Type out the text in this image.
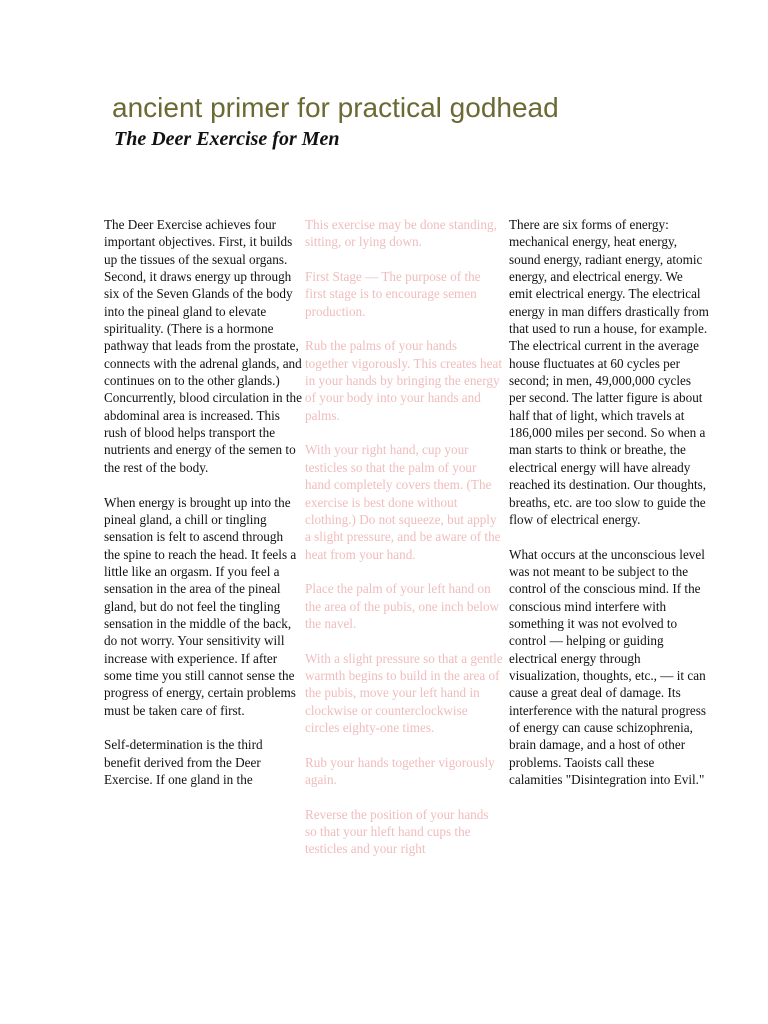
ancient primer for practical godhead
The Deer Exercise for Men

The Deer Exercise achieves four important objectives. First, it builds up the tissues of the sexual organs. Second, it draws energy up through six of the Seven Glands of the body into the pineal gland to elevate spirituality. (There is a hormone pathway that leads from the prostate, connects with the adrenal glands, and continues on to the other glands.) Concurrently, blood circulation in the abdominal area is increased. This rush of blood helps transport the nutrients and energy of the semen to the rest of the body.

When energy is brought up into the pineal gland, a chill or tingling sensation is felt to ascend through the spine to reach the head. It feels a little like an orgasm. If you feel a sensation in the area of the pineal gland, but do not feel the tingling sensation in the middle of the back, do not worry. Your sensitivity will increase with experience. If after some time you still cannot sense the progress of energy, certain problems must be taken care of first.

Self-determination is the third benefit derived from the Deer Exercise. If one gland in the

This exercise may be done standing, sitting, or lying down.

First Stage — The purpose of the first stage is to encourage semen production.

Rub the palms of your hands together vigorously. This creates heat in your hands by bringing the energy of your body into your hands and palms.

With your right hand, cup your testicles so that the palm of your hand completely covers them. (The exercise is best done without clothing.) Do not squeeze, but apply a slight pressure, and be aware of the heat from your hand.

Place the palm of your left hand on the area of the pubis, one inch below the navel.

With a slight pressure so that a gentle warmth begins to build in the area of the pubis, move your left hand in clockwise or counterclockwise circles eighty-one times.

Rub your hands together vigorously again.

Reverse the position of your hands so that your hleft hand cups the testicles and your right

There are six forms of energy: mechanical energy, heat energy, sound energy, radiant energy, atomic energy, and electrical energy. We emit electrical energy. The electrical energy in man differs drastically from that used to run a house, for example. The electrical current in the average house fluctuates at 60 cycles per second; in men, 49,000,000 cycles per second. The latter figure is about half that of light, which travels at 186,000 miles per second. So when a man starts to think or breathe, the electrical energy will have already reached its destination. Our thoughts, breaths, etc. are too slow to guide the flow of electrical energy.

What occurs at the unconscious level was not meant to be subject to the control of the conscious mind. If the conscious mind interfere with something it was not evolved to control — helping or guiding electrical energy through visualization, thoughts, etc., — it can cause a great deal of damage. Its interference with the natural progress of energy can cause schizophrenia, brain damage, and a host of other problems. Taoists call these calamities "Disintegration into Evil."
